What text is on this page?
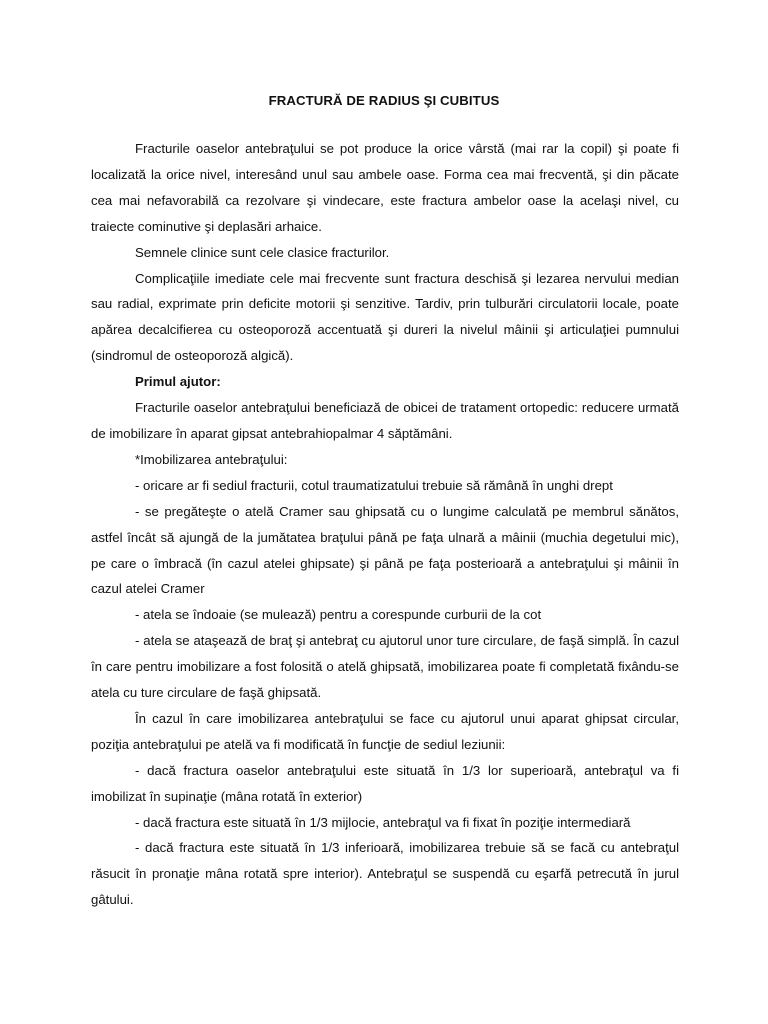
FRACTURĂ DE RADIUS ŞI CUBITUS

Fracturile oaselor antebraţului se pot produce la orice vârstă (mai rar la copil) şi poate fi localizată la orice nivel, interesând unul sau ambele oase. Forma cea mai frecventă, şi din păcate cea mai nefavorabilă ca rezolvare şi vindecare, este fractura ambelor oase la acelaşi nivel, cu traiecte cominutive şi deplasări arhaice.

Semnele clinice sunt cele clasice fracturilor.

Complicaţiile imediate cele mai frecvente sunt fractura deschisă şi lezarea nervului median sau radial, exprimate prin deficite motorii şi senzitive. Tardiv, prin tulburări circulatorii locale, poate apărea decalcifierea cu osteoporoză accentuată şi dureri la nivelul mâinii şi articulaţiei pumnului (sindromul de osteoporoză algică).

Primul ajutor:

Fracturile oaselor antebraţului beneficiază de obicei de tratament ortopedic: reducere urmată de imobilizare în aparat gipsat antebrahiopalmar 4 săptămâni.

*Imobilizarea antebraţului:

- oricare ar fi sediul fracturii, cotul traumatizatului trebuie să rămână în unghi drept

- se pregăteşte o atelă Cramer sau ghipsată cu o lungime calculată pe membrul sănătos, astfel încât să ajungă de la jumătatea braţului până pe faţa ulnară a mâinii (muchia degetului mic), pe care o îmbracă (în cazul atelei ghipsate) şi până pe faţa posterioară a antebraţului şi mâinii în cazul atelei Cramer

- atela se îndoaie (se mulează) pentru a corespunde curburii de la cot

- atela se ataşează de braţ şi antebraţ cu ajutorul unor ture circulare, de faşă simplă. În cazul în care pentru imobilizare a fost folosită o atelă ghipsată, imobilizarea poate fi completată fixându-se atela cu ture circulare de faşă ghipsată.

În cazul în care imobilizarea antebraţului se face cu ajutorul unui aparat ghipsat circular, poziţia antebraţului pe atelă va fi modificată în funcţie de sediul leziunii:

- dacă fractura oaselor antebraţului este situată în 1/3 lor superioară, antebraţul va fi imobilizat în supinaţie (mâna rotată în exterior)

- dacă fractura este situată în 1/3 mijlocie, antebraţul va fi fixat în poziţie intermediară

- dacă fractura este situată în 1/3 inferioară, imobilizarea trebuie să se facă cu antebraţul răsucit în pronaţie mâna rotată spre interior). Antebraţul se suspendă cu eşarfă petrecută în jurul gâtului.
